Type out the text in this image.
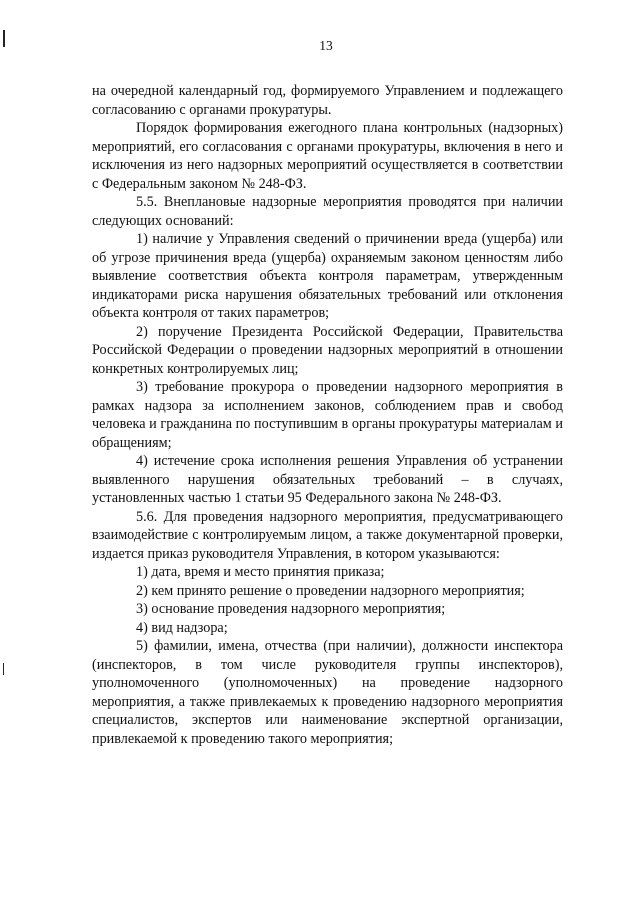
13

на очередной календарный год, формируемого Управлением и подлежащего согласованию с органами прокуратуры.

Порядок формирования ежегодного плана контрольных (надзорных) мероприятий, его согласования с органами прокуратуры, включения в него и исключения из него надзорных мероприятий осуществляется в соответствии с Федеральным законом № 248-ФЗ.

5.5. Внеплановые надзорные мероприятия проводятся при наличии следующих оснований:

1) наличие у Управления сведений о причинении вреда (ущерба) или об угрозе причинения вреда (ущерба) охраняемым законом ценностям либо выявление соответствия объекта контроля параметрам, утвержденным индикаторами риска нарушения обязательных требований или отклонения объекта контроля от таких параметров;

2) поручение Президента Российской Федерации, Правительства Российской Федерации о проведении надзорных мероприятий в отношении конкретных контролируемых лиц;

3) требование прокурора о проведении надзорного мероприятия в рамках надзора за исполнением законов, соблюдением прав и свобод человека и гражданина по поступившим в органы прокуратуры материалам и обращениям;

4) истечение срока исполнения решения Управления об устранении выявленного нарушения обязательных требований – в случаях, установленных частью 1 статьи 95 Федерального закона № 248-ФЗ.

5.6. Для проведения надзорного мероприятия, предусматривающего взаимодействие с контролируемым лицом, а также документарной проверки, издается приказ руководителя Управления, в котором указываются:

1) дата, время и место принятия приказа;

2) кем принято решение о проведении надзорного мероприятия;

3) основание проведения надзорного мероприятия;

4) вид надзора;

5) фамилии, имена, отчества (при наличии), должности инспектора (инспекторов, в том числе руководителя группы инспекторов), уполномоченного (уполномоченных) на проведение надзорного мероприятия, а также привлекаемых к проведению надзорного мероприятия специалистов, экспертов или наименование экспертной организации, привлекаемой к проведению такого мероприятия;
